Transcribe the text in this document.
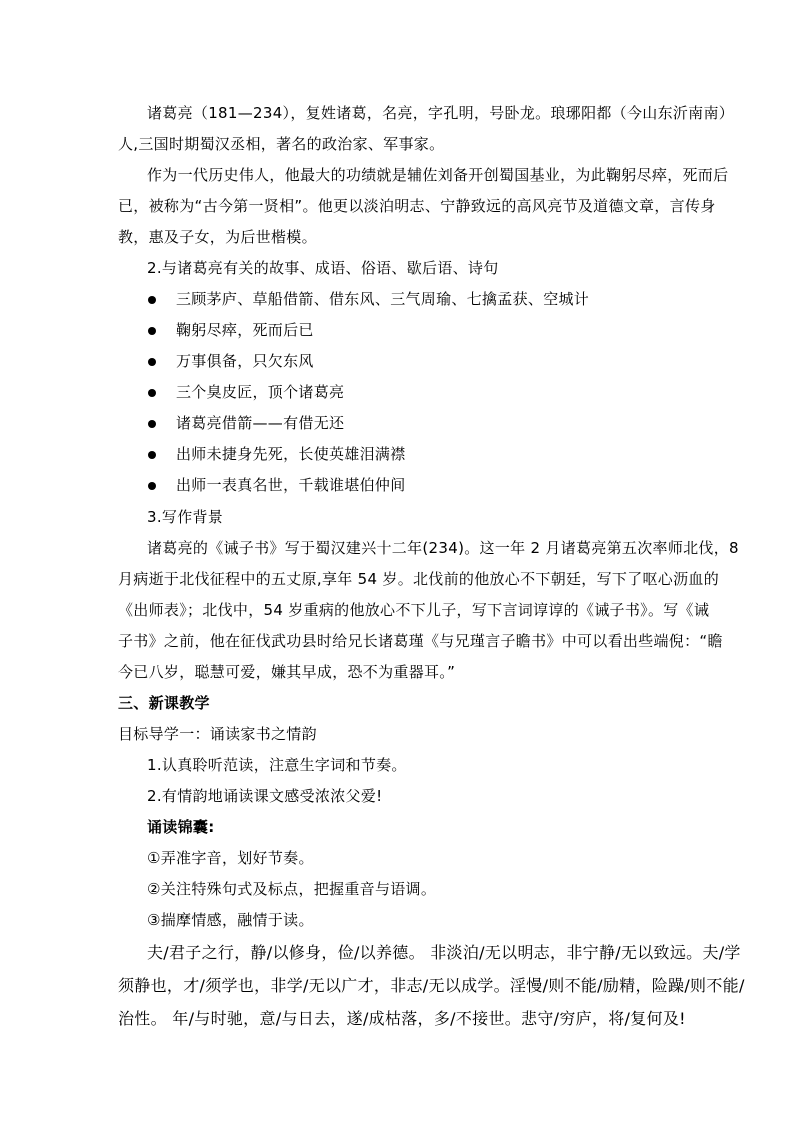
诸葛亮（181—234），复姓诸葛，名亮，字孔明，号卧龙。琅琊阳都（今山东沂南南）
人,三国时期蜀汉丞相，著名的政治家、军事家。
作为一代历史伟人，他最大的功绩就是辅佐刘备开创蜀国基业，为此鞠躬尽瘁，死而后
已，被称为“古今第一贤相”。他更以淡泊明志、宁静致远的高风亮节及道德文章，言传身
教，惠及子女，为后世楷模。
2.与诸葛亮有关的故事、成语、俗语、歇后语、诗句
三顾茅庐、草船借箭、借东风、三气周瑜、七擒孟获、空城计
鞠躬尽瘁，死而后已
万事俱备，只欠东风
三个臭皮匠，顶个诸葛亮
诸葛亮借箭——有借无还
出师未捷身先死，长使英雄泪满襟
出师一表真名世，千载谁堪伯仲间
3.写作背景
诸葛亮的《诫子书》写于蜀汉建兴十二年(234)。这一年 2 月诸葛亮第五次率师北伐，8
月病逝于北伐征程中的五丈原,享年 54 岁。北伐前的他放心不下朝廷，写下了呕心沥血的
《出师表》；北伐中，54 岁重病的他放心不下儿子，写下言词谆谆的《诫子书》。写《诫
子书》之前，他在征伐武功县时给兄长诸葛瑾《与兄瑾言子瞻书》中可以看出些端倪：“瞻
今已八岁，聪慧可爱，嫌其早成，恐不为重器耳。”
三、新课教学
目标导学一：诵读家书之情韵
1.认真聆听范读，注意生字词和节奏。
2.有情韵地诵读课文感受浓浓父爱!
诵读锦囊:
①弄准字音，划好节奏。
②关注特殊句式及标点，把握重音与语调。
③揣摩情感，融情于读。
夫/君子之行，静/以修身，俭/以养德。 非淡泊/无以明志，非宁静/无以致远。夫/学
须静也，才/须学也，非学/无以广才，非志/无以成学。淫慢/则不能/励精，险躁/则不能/
治性。 年/与时驰，意/与日去，遂/成枯落，多/不接世。悲守/穷庐，将/复何及!
